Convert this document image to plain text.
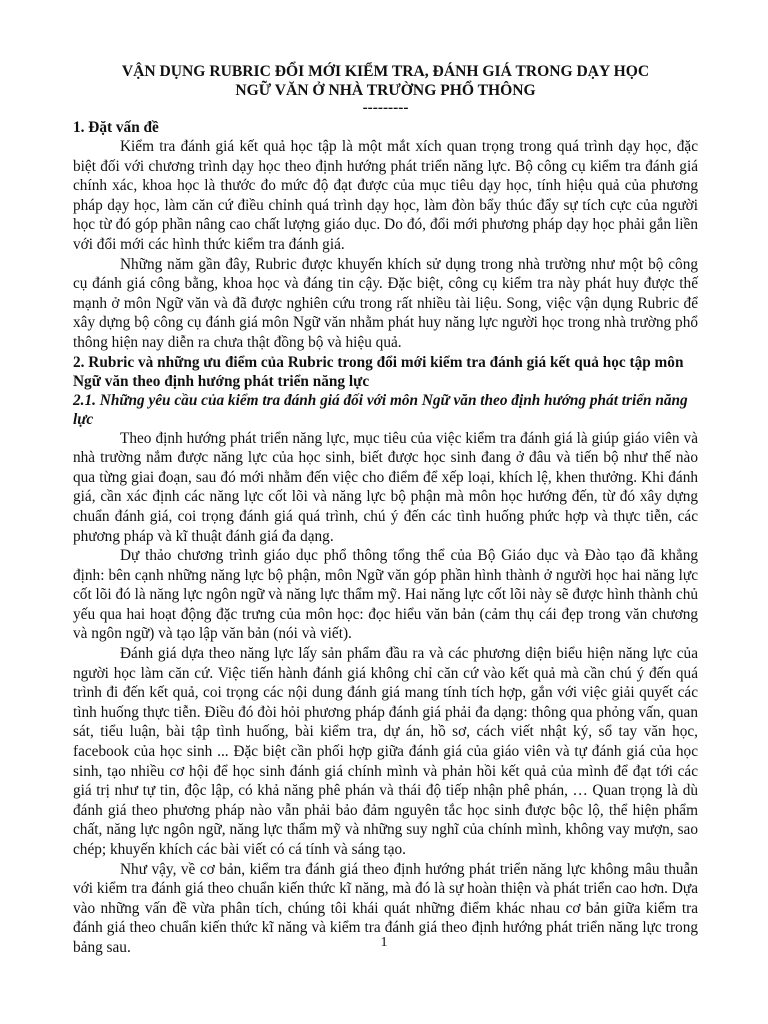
VẬN DỤNG RUBRIC ĐỔI MỚI KIỂM TRA, ĐÁNH GIÁ TRONG DẠY HỌC
NGỮ VĂN Ở NHÀ TRƯỜNG PHỔ THÔNG
---------
1. Đặt vấn đề

Kiểm tra đánh giá kết quả học tập là một mắt xích quan trọng trong quá trình dạy học, đặc biệt đối với chương trình dạy học theo định hướng phát triển năng lực. Bộ công cụ kiểm tra đánh giá chính xác, khoa học là thước đo mức độ đạt được của mục tiêu dạy học, tính hiệu quả của phương pháp dạy học, làm căn cứ điều chỉnh quá trình dạy học, làm đòn bẩy thúc đẩy sự tích cực của người học từ đó góp phần nâng cao chất lượng giáo dục. Do đó, đổi mới phương pháp dạy học phải gắn liền với đổi mới các hình thức kiểm tra đánh giá.

Những năm gần đây, Rubric được khuyến khích sử dụng trong nhà trường như một bộ công cụ đánh giá công bằng, khoa học và đáng tin cậy. Đặc biệt, công cụ kiểm tra này phát huy được thế mạnh ở môn Ngữ văn và đã được nghiên cứu trong rất nhiều tài liệu. Song, việc vận dụng Rubric để xây dựng bộ công cụ đánh giá môn Ngữ văn nhằm phát huy năng lực người học trong nhà trường phổ thông hiện nay diễn ra chưa thật đồng bộ và hiệu quả.

2. Rubric và những ưu điểm của Rubric trong đổi mới kiểm tra đánh giá kết quả học tập môn Ngữ văn theo định hướng phát triển năng lực
2.1. Những yêu cầu của kiểm tra đánh giá đối với môn Ngữ văn theo định hướng phát triển năng lực

Theo định hướng phát triển năng lực, mục tiêu của việc kiểm tra đánh giá là giúp giáo viên và nhà trường nắm được năng lực của học sinh, biết được học sinh đang ở đâu và tiến bộ như thế nào qua từng giai đoạn, sau đó mới nhằm đến việc cho điểm để xếp loại, khích lệ, khen thưởng. Khi đánh giá, cần xác định các năng lực cốt lõi và năng lực bộ phận mà môn học hướng đến, từ đó xây dựng chuẩn đánh giá, coi trọng đánh giá quá trình, chú ý đến các tình huống phức hợp và thực tiễn, các phương pháp và kĩ thuật đánh giá đa dạng.

Dự thảo chương trình giáo dục phổ thông tổng thể của Bộ Giáo dục và Đào tạo đã khẳng định: bên cạnh những năng lực bộ phận, môn Ngữ văn góp phần hình thành ở người học hai năng lực cốt lõi đó là năng lực ngôn ngữ và năng lực thẩm mỹ. Hai năng lực cốt lõi này sẽ được hình thành chủ yếu qua hai hoạt động đặc trưng của môn học: đọc hiểu văn bản (cảm thụ cái đẹp trong văn chương và ngôn ngữ) và tạo lập văn bản (nói và viết).

Đánh giá dựa theo năng lực lấy sản phẩm đầu ra và các phương diện biểu hiện năng lực của người học làm căn cứ. Việc tiến hành đánh giá không chỉ căn cứ vào kết quả mà cần chú ý đến quá trình đi đến kết quả, coi trọng các nội dung đánh giá mang tính tích hợp, gắn với việc giải quyết các tình huống thực tiễn. Điều đó đòi hỏi phương pháp đánh giá phải đa dạng: thông qua phỏng vấn, quan sát, tiểu luận, bài tập tình huống, bài kiểm tra, dự án, hồ sơ, cách viết nhật ký, sổ tay văn học, facebook của học sinh ... Đặc biệt cần phối hợp giữa đánh giá của giáo viên và tự đánh giá của học sinh, tạo nhiều cơ hội để học sinh đánh giá chính mình và phản hồi kết quả của mình để đạt tới các giá trị như tự tin, độc lập, có khả năng phê phán và thái độ tiếp nhận phê phán, … Quan trọng là dù đánh giá theo phương pháp nào vẫn phải bảo đảm nguyên tắc học sinh được bộc lộ, thể hiện phẩm chất, năng lực ngôn ngữ, năng lực thẩm mỹ và những suy nghĩ của chính mình, không vay mượn, sao chép; khuyến khích các bài viết có cá tính và sáng tạo.

Như vậy, về cơ bản, kiểm tra đánh giá theo định hướng phát triển năng lực không mâu thuẫn với kiểm tra đánh giá theo chuẩn kiến thức kĩ năng, mà đó là sự hoàn thiện và phát triển cao hơn. Dựa vào những vấn đề vừa phân tích, chúng tôi khái quát những điểm khác nhau cơ bản giữa kiểm tra đánh giá theo chuẩn kiến thức kĩ năng và kiểm tra đánh giá theo định hướng phát triển năng lực trong bảng sau.	1
